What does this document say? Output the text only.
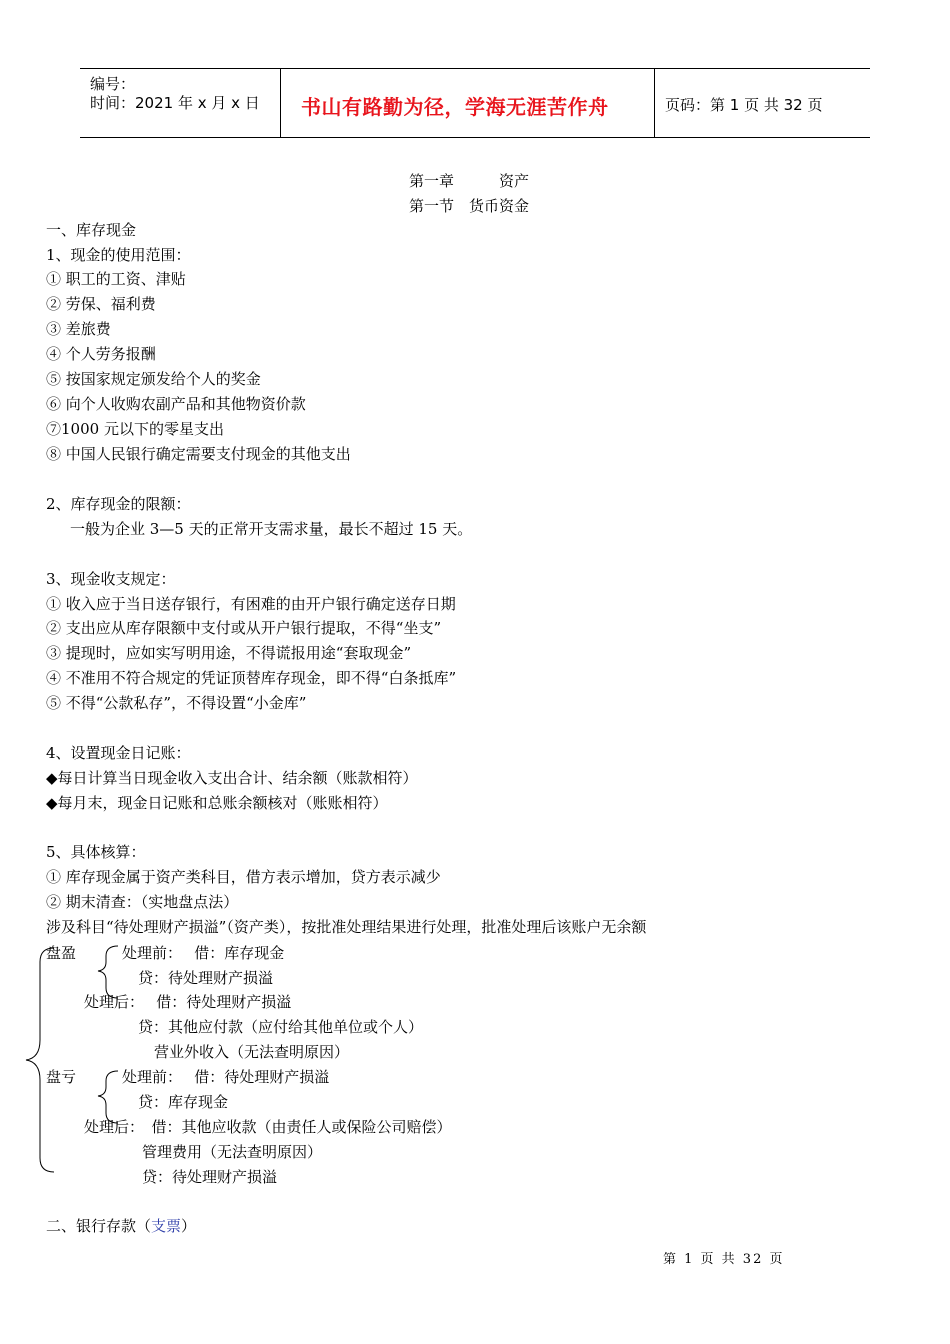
编号：
时间：2021 年 x 月 x 日 书山有路勤为径，学海无涯苦作舟	页码：第 1 页 共 32 页
第一章　　　资产
第一节　货币资金
一、库存现金
1、现金的使用范围：
① 职工的工资、津贴
② 劳保、福利费
③ 差旅费
④ 个人劳务报酬
⑤ 按国家规定颁发给个人的奖金
⑥ 向个人收购农副产品和其他物资价款
⑦1000 元以下的零星支出
⑧ 中国人民银行确定需要支付现金的其他支出
2、库存现金的限额：
一般为企业 3—5 天的正常开支需求量，最长不超过 15 天。
3、现金收支规定：
① 收入应于当日送存银行，有困难的由开户银行确定送存日期
② 支出应从库存限额中支付或从开户银行提取，不得“坐支”
③ 提现时，应如实写明用途，不得谎报用途“套取现金”
④ 不准用不符合规定的凭证顶替库存现金，即不得“白条抵库”
⑤ 不得“公款私存”，不得设置“小金库”
4、设置现金日记账：
◆每日计算当日现金收入支出合计、结余额（账款相符）
◆每月末，现金日记账和总账余额核对（账账相符）
5、具体核算：
① 库存现金属于资产类科目，借方表示增加，贷方表示减少
② 期末清查：（实地盘点法）
涉及科目“待处理财产损溢”（资产类），按批准处理结果进行处理，批准处理后该账户无余额
盘盈	处理前：　 借：库存现金
贷：待处理财产损溢
处理后：　 借：待处理财产损溢
贷：其他应付款（应付给其他单位或个人）
营业外收入（无法查明原因）
盘亏	处理前：　 借：待处理财产损溢
贷：库存现金
处理后：　借：其他应收款（由责任人或保险公司赔偿）
管理费用（无法查明原因）
贷：待处理财产损溢
二、银行存款（支票）
第 1 页 共 32 页
